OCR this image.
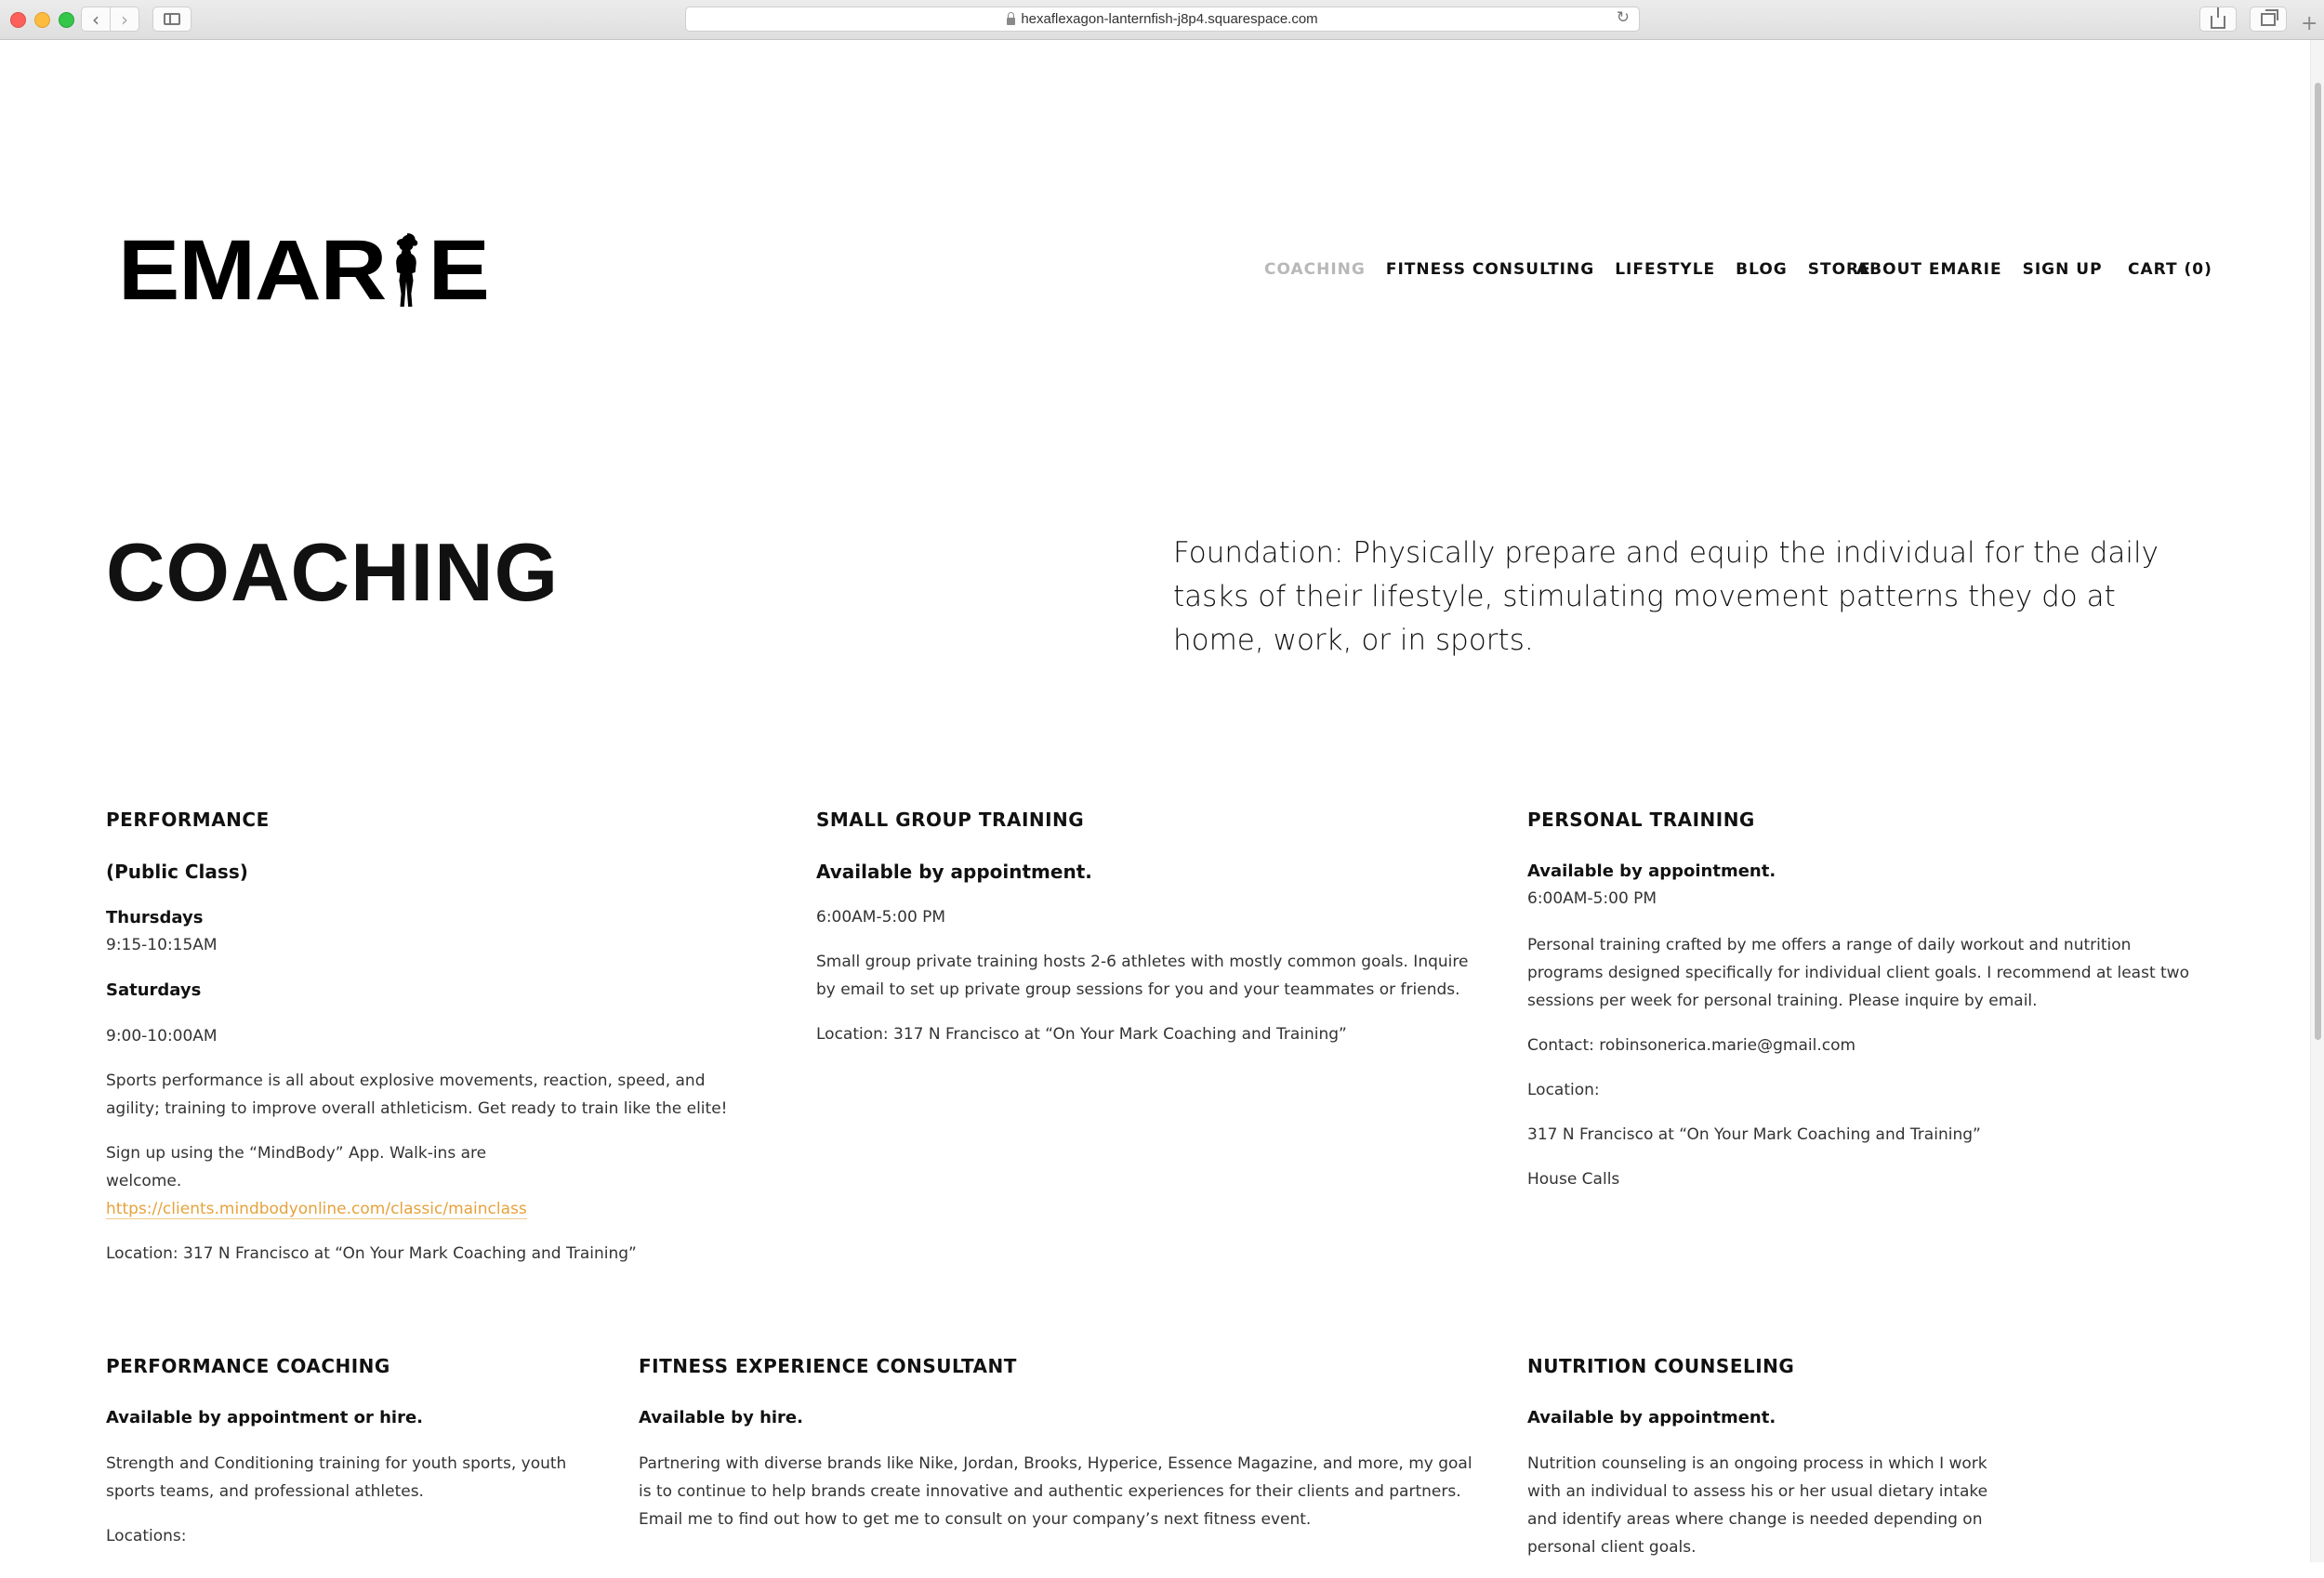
‹ ›	hexaflexagon-lanternfish-j8p4.squarespace.com	↻	+
EMAR E	COACHING FITNESS CONSULTING LIFESTYLE BLOG STORE
ABOUT EMARIE SIGN UP CART (0)
COACHING	Foundation: Physically prepare and equip the individual for the daily tasks of their lifestyle, stimulating movement patterns they do at home, work, or in sports.

PERFORMANCE
(Public Class)
Thursdays

9:15-10:15AM

Saturdays

9:00-10:00AM

Sports performance is all about explosive movements, reaction, speed, and agility; training to improve overall athleticism. Get ready to train like the elite!

Sign up using the “MindBody” App. Walk-ins are welcome. https://clients.mindbodyonline.com/classic/mainclass

Location: 317 N Francisco at “On Your Mark Coaching and Training”

SMALL GROUP TRAINING
Available by appointment.

6:00AM-5:00 PM

Small group private training hosts 2-6 athletes with mostly common goals. Inquire by email to set up private group sessions for you and your teammates or friends.

Location: 317 N Francisco at “On Your Mark Coaching and Training”

PERSONAL TRAINING
Available by appointment.

6:00AM-5:00 PM

Personal training crafted by me offers a range of daily workout and nutrition programs designed specifically for individual client goals. I recommend at least two sessions per week for personal training. Please inquire by email.

Contact: robinsonerica.marie@gmail.com

Location:

317 N Francisco at “On Your Mark Coaching and Training”

House Calls

PERFORMANCE COACHING
Available by appointment or hire.

Strength and Conditioning training for youth sports, youth sports teams, and professional athletes.

Locations:

FITNESS EXPERIENCE CONSULTANT
Available by hire.

Partnering with diverse brands like Nike, Jordan, Brooks, Hyperice, Essence Magazine, and more, my goal is to continue to help brands create innovative and authentic experiences for their clients and partners. Email me to find out how to get me to consult on your company’s next fitness event.

NUTRITION COUNSELING
Available by appointment.

Nutrition counseling is an ongoing process in which I work with an individual to assess his or her usual dietary intake and identify areas where change is needed depending on personal client goals.
